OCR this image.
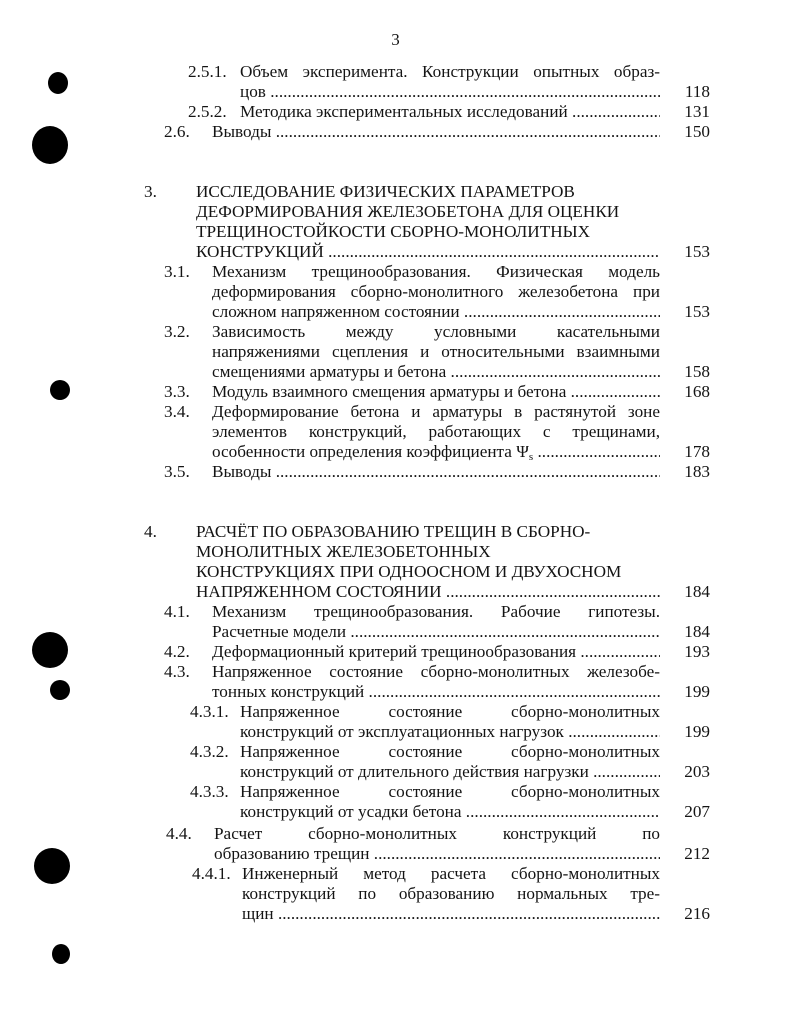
3
2.5.1. Объем эксперимента. Конструкции опытных образ-
цов .....	118
2.5.2. Методика экспериментальных исследований .....	131
2.6. Выводы .....	150
3. ИССЛЕДОВАНИЕ ФИЗИЧЕСКИХ ПАРАМЕТРОВ
ДЕФОРМИРОВАНИЯ ЖЕЛЕЗОБЕТОНА ДЛЯ ОЦЕНКИ
ТРЕЩИНОСТОЙКОСТИ СБОРНО-МОНОЛИТНЫХ
КОНСТРУКЦИЙ .....	153
3.1. Механизм трещинообразования. Физическая модель
деформирования сборно-монолитного железобетона при
сложном напряженном состоянии .....	153
3.2. Зависимость между условными касательными
напряжениями сцепления и относительными взаимными
смещениями арматуры и бетона .....	158
3.3. Модуль взаимного смещения арматуры и бетона .....	168
3.4. Деформирование бетона и арматуры в растянутой зоне
элементов конструкций, работающих с трещинами,
особенности определения коэффициента $\Psi_s$ .....	178
3.5. Выводы .....	183
4. РАСЧЁТ ПО ОБРАЗОВАНИЮ ТРЕЩИН В СБОРНО-
МОНОЛИТНЫХ ЖЕЛЕЗОБЕТОННЫХ
КОНСТРУКЦИЯХ ПРИ ОДНООСНОМ И ДВУХОСНОМ
НАПРЯЖЕННОМ СОСТОЯНИИ .....	184
4.1. Механизм трещинообразования. Рабочие гипотезы.
Расчетные модели .....	184
4.2. Деформационный критерий трещинообразования .....	193
4.3. Напряженное состояние сборно-монолитных железобе-
тонных конструкций .....	199
4.3.1. Напряженное состояние сборно-монолитных
конструкций от эксплуатационных нагрузок .....	199
4.3.2. Напряженное состояние сборно-монолитных
конструкций от длительного действия нагрузки .....	203
4.3.3. Напряженное состояние сборно-монолитных
конструкций от усадки бетона .....	207
4.4. Расчет сборно-монолитных конструкций по
образованию трещин .....	212
4.4.1. Инженерный метод расчета сборно-монолитных
конструкций по образованию нормальных тре-
щин .....	216
